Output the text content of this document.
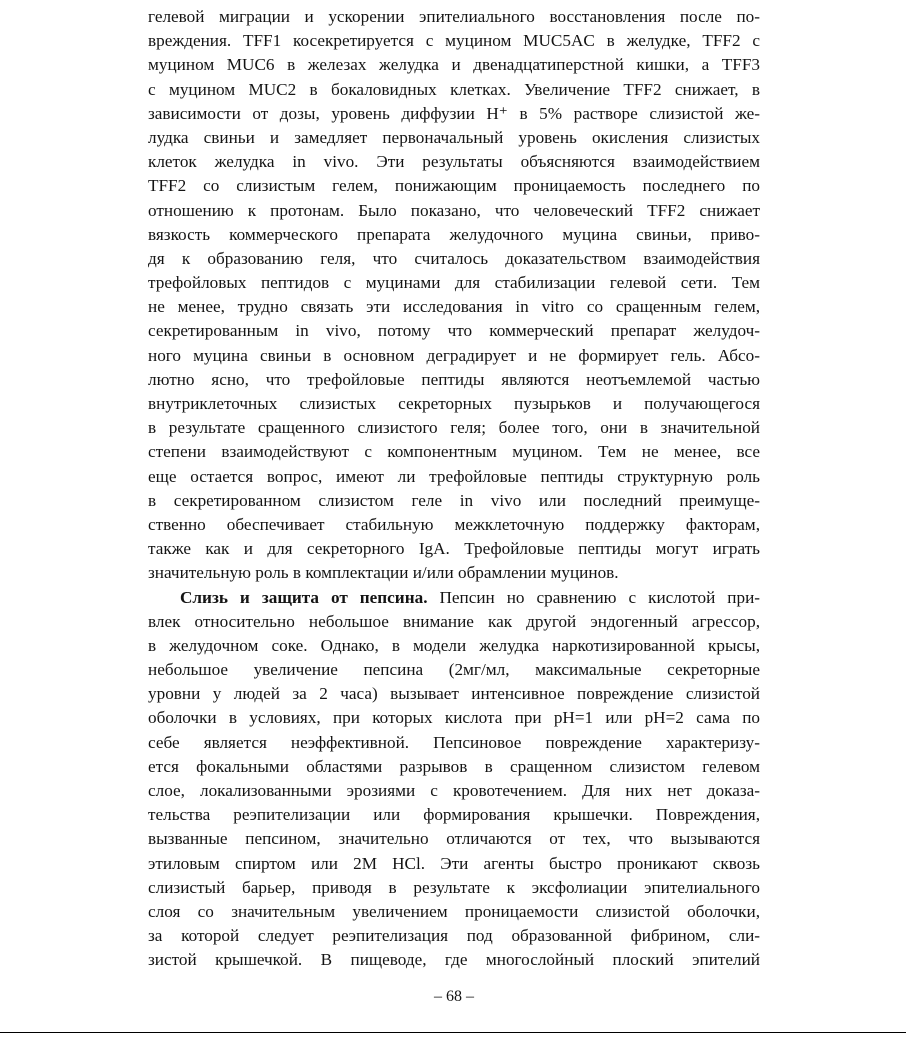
гелевой миграции и ускорении эпителиального восстановления после по-
вреждения. TFF1 косекретируется с муцином MUC5AC в желудке, TFF2 с
муцином MUC6 в железах желудка и двенадцатиперстной кишки, а TFF3
с муцином MUC2 в бокаловидных клетках. Увеличение TFF2 снижает, в
зависимости от дозы, уровень диффузии H⁺ в 5% растворе слизистой же-
лудка свиньи и замедляет первоначальный уровень окисления слизистых
клеток желудка in vivo. Эти результаты объясняются взаимодействием
TFF2 со слизистым гелем, понижающим проницаемость последнего по
отношению к протонам. Было показано, что человеческий TFF2 снижает
вязкость коммерческого препарата желудочного муцина свиньи, приво-
дя к образованию геля, что считалось доказательством взаимодействия
трефойловых пептидов с муцинами для стабилизации гелевой сети. Тем
не менее, трудно связать эти исследования in vitro со сращенным гелем,
секретированным in vivo, потому что коммерческий препарат желудоч-
ного муцина свиньи в основном деградирует и не формирует гель. Абсо-
лютно ясно, что трефойловые пептиды являются неотъемлемой частью
внутриклеточных слизистых секреторных пузырьков и получающегося
в результате сращенного слизистого геля; более того, они в значительной
степени взаимодействуют с компонентным муцином. Тем не менее, все
еще остается вопрос, имеют ли трефойловые пептиды структурную роль
в секретированном слизистом геле in vivo или последний преимуще-
ственно обеспечивает стабильную межклеточную поддержку факторам,
также как и для секреторного IgA. Трефойловые пептиды могут играть
значительную роль в комплектации и/или обрамлении муцинов.
Слизь и защита от пепсина. Пепсин но сравнению с кислотой при-
влек относительно небольшое внимание как другой эндогенный агрессор,
в желудочном соке. Однако, в модели желудка наркотизированной крысы,
небольшое увеличение пепсина (2мг/мл, максимальные секреторные
уровни у людей за 2 часа) вызывает интенсивное повреждение слизистой
оболочки в условиях, при которых кислота при pH=1 или pH=2 сама по
себе является неэффективной. Пепсиновое повреждение характеризу-
ется фокальными областями разрывов в сращенном слизистом гелевом
слое, локализованными эрозиями с кровотечением. Для них нет доказа-
тельства реэпителизации или формирования крышечки. Повреждения,
вызванные пепсином, значительно отличаются от тех, что вызываются
этиловым спиртом или 2М HCl. Эти агенты быстро проникают сквозь
слизистый барьер, приводя в результате к эксфолиации эпителиального
слоя со значительным увеличением проницаемости слизистой оболочки,
за которой следует реэпителизация под образованной фибрином, сли-
зистой крышечкой. В пищеводе, где многослойный плоский эпителий
– 68 –
